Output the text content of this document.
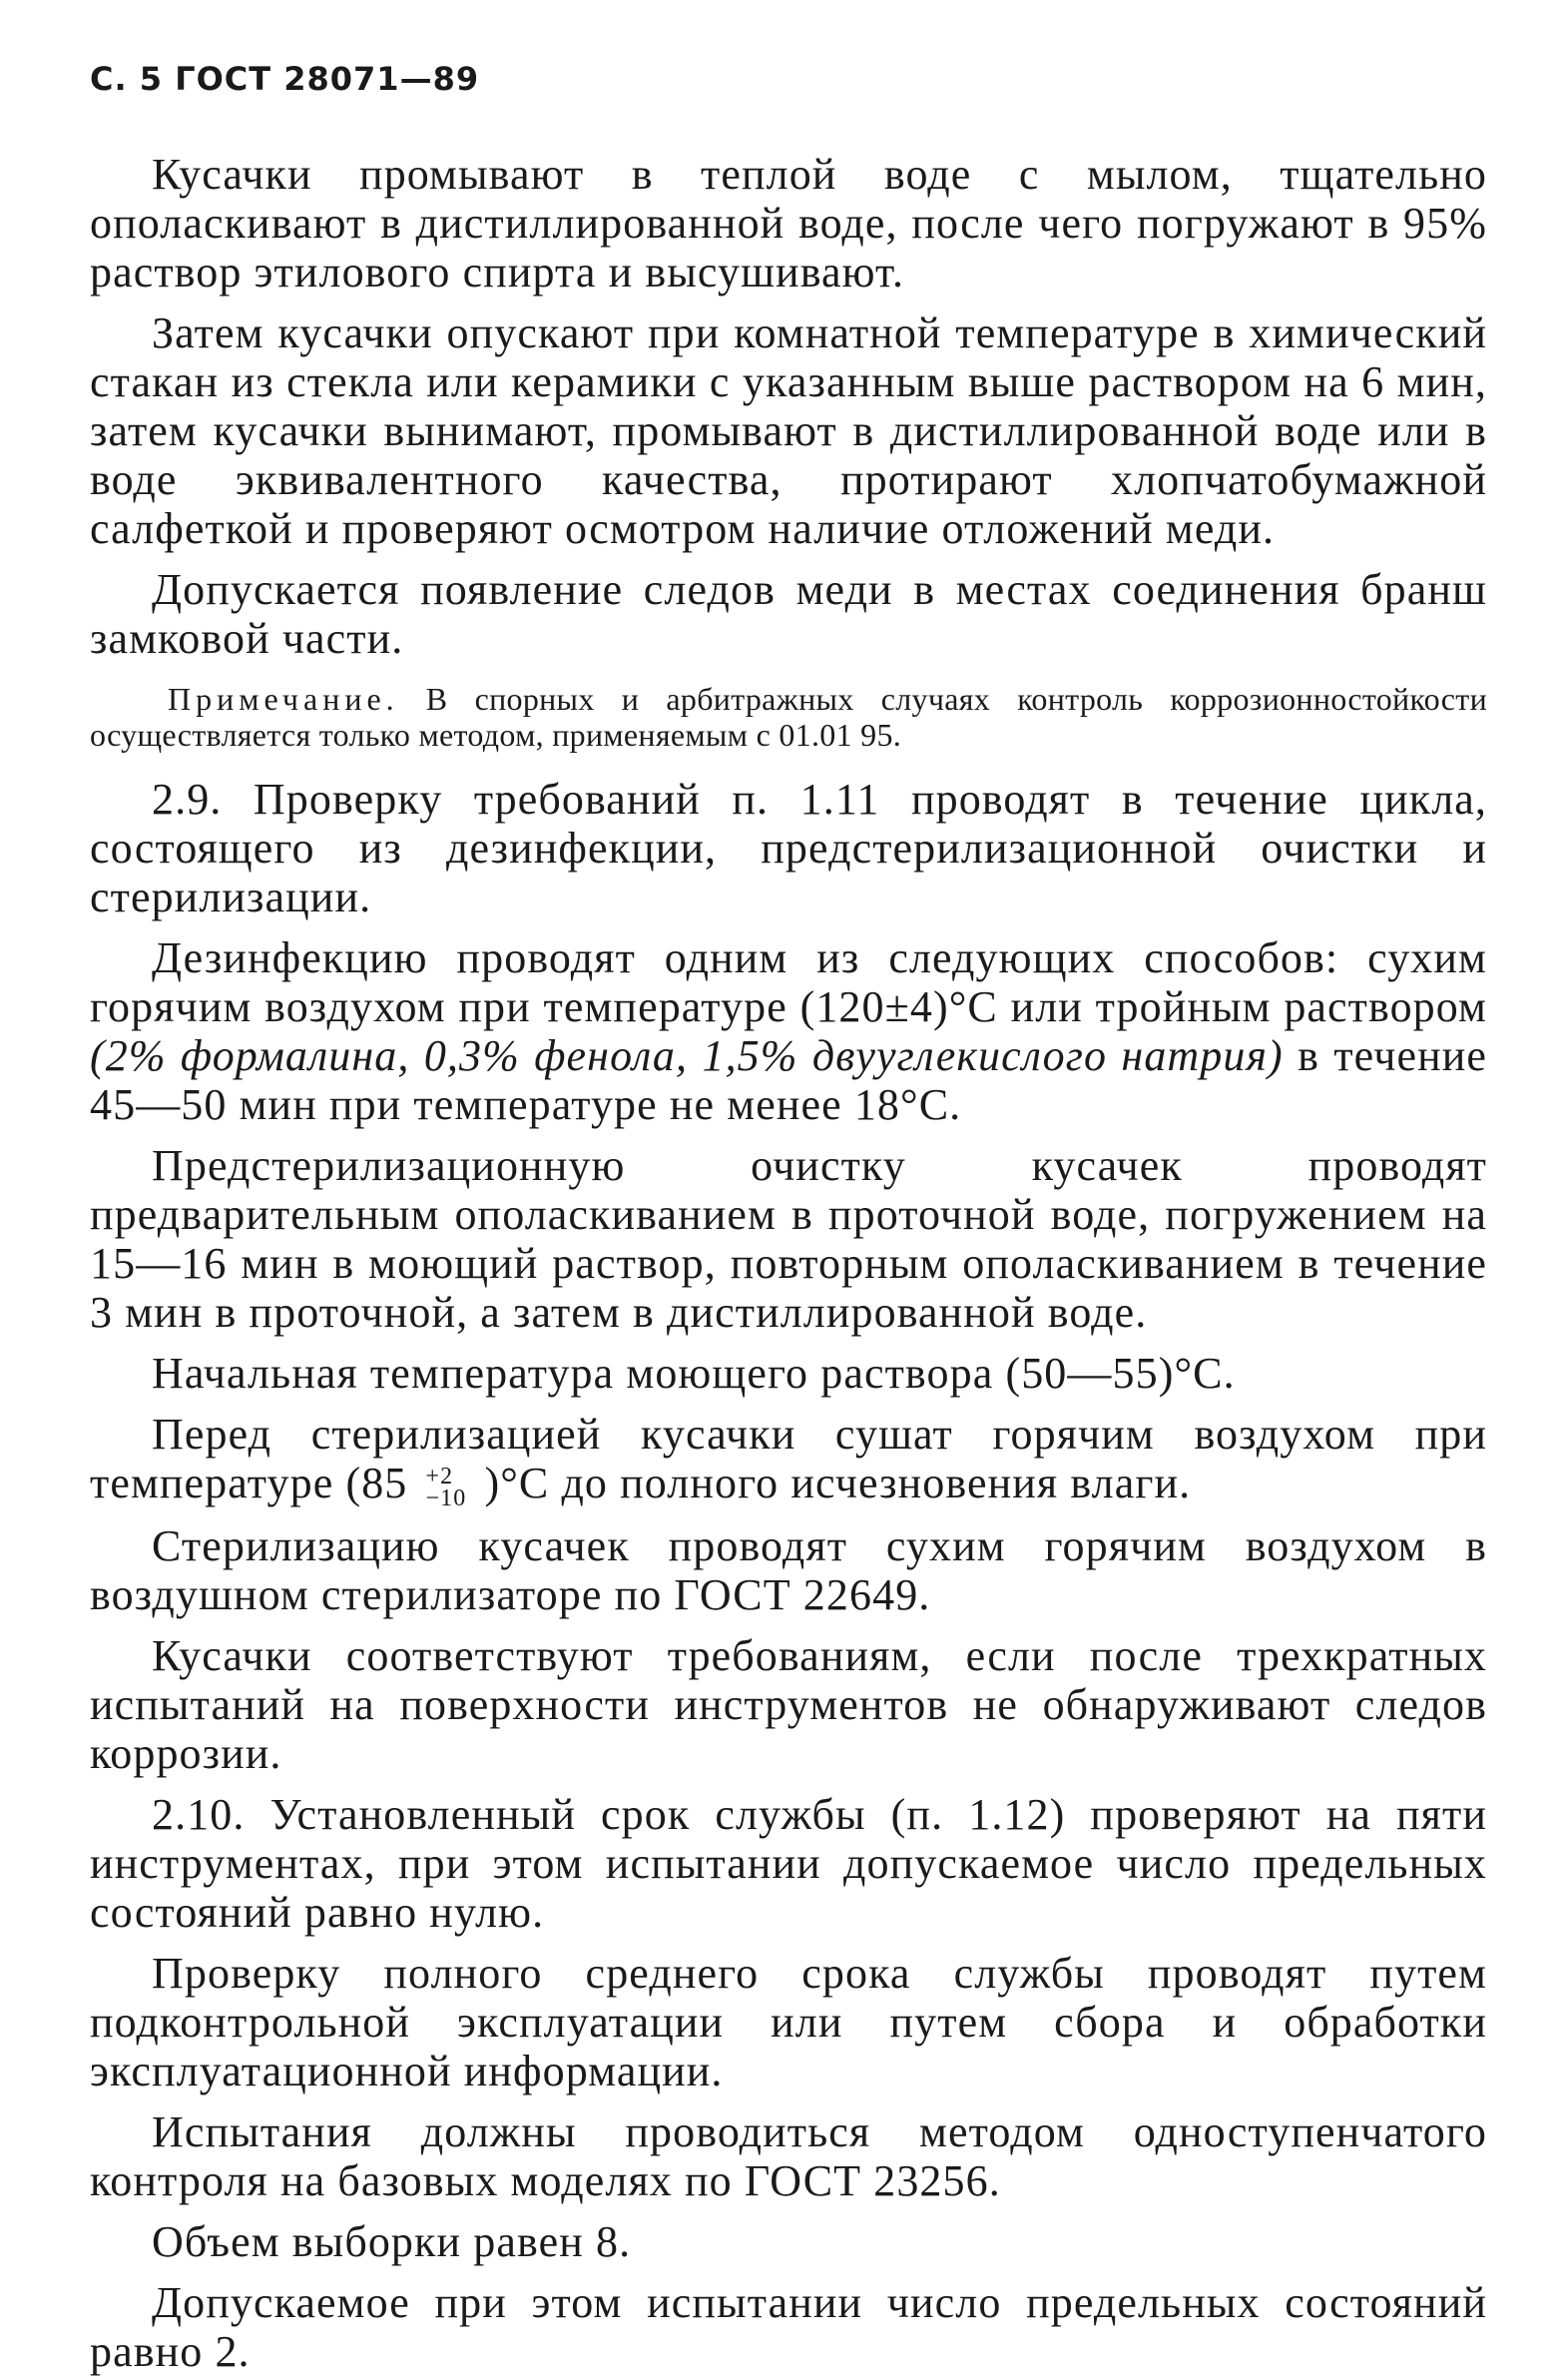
С. 5 ГОСТ 28071—89

Кусачки промывают в теплой воде с мылом, тщательно ополаскивают в дистиллированной воде, после чего погружают в 95% раствор этилового спирта и высушивают.

Затем кусачки опускают при комнатной температуре в химический стакан из стекла или керамики с указанным выше раствором на 6 мин, затем кусачки вынимают, промывают в дистиллированной воде или в воде эквивалентного качества, протирают хлопчатобумажной салфеткой и проверяют осмотром наличие отложений меди.

Допускается появление следов меди в местах соединения бранш замковой части.

Примечание. В спорных и арбитражных случаях контроль коррозионностойкости осуществляется только методом, применяемым с 01.01 95.

2.9. Проверку требований п. 1.11 проводят в течение цикла, состоящего из дезинфекции, предстерилизационной очистки и стерилизации.

Дезинфекцию проводят одним из следующих способов: сухим горячим воздухом при температуре (120±4)°С или тройным раствором (2% формалина, 0,3% фенола, 1,5% двууглекислого натрия) в течение 45—50 мин при температуре не менее 18°С.

Предстерилизационную очистку кусачек проводят предварительным ополаскиванием в проточной воде, погружением на 15—16 мин в моющий раствор, повторным ополаскиванием в течение 3 мин в проточной, а затем в дистиллированной воде.

Начальная температура моющего раствора (50—55)°С.

Перед стерилизацией кусачки сушат горячим воздухом при температуре (85 +2
−10 )°С до полного исчезновения влаги.

Стерилизацию кусачек проводят сухим горячим воздухом в воздушном стерилизаторе по ГОСТ 22649.

Кусачки соответствуют требованиям, если после трехкратных испытаний на поверхности инструментов не обнаруживают следов коррозии.

2.10. Установленный срок службы (п. 1.12) проверяют на пяти инструментах, при этом испытании допускаемое число предельных состояний равно нулю.

Проверку полного среднего срока службы проводят путем подконтрольной эксплуатации или путем сбора и обработки эксплуатационной информации.

Испытания должны проводиться методом одноступенчатого контроля на базовых моделях по ГОСТ 23256.

Объем выборки равен 8.

Допускаемое при этом испытании число предельных состояний равно 2.
